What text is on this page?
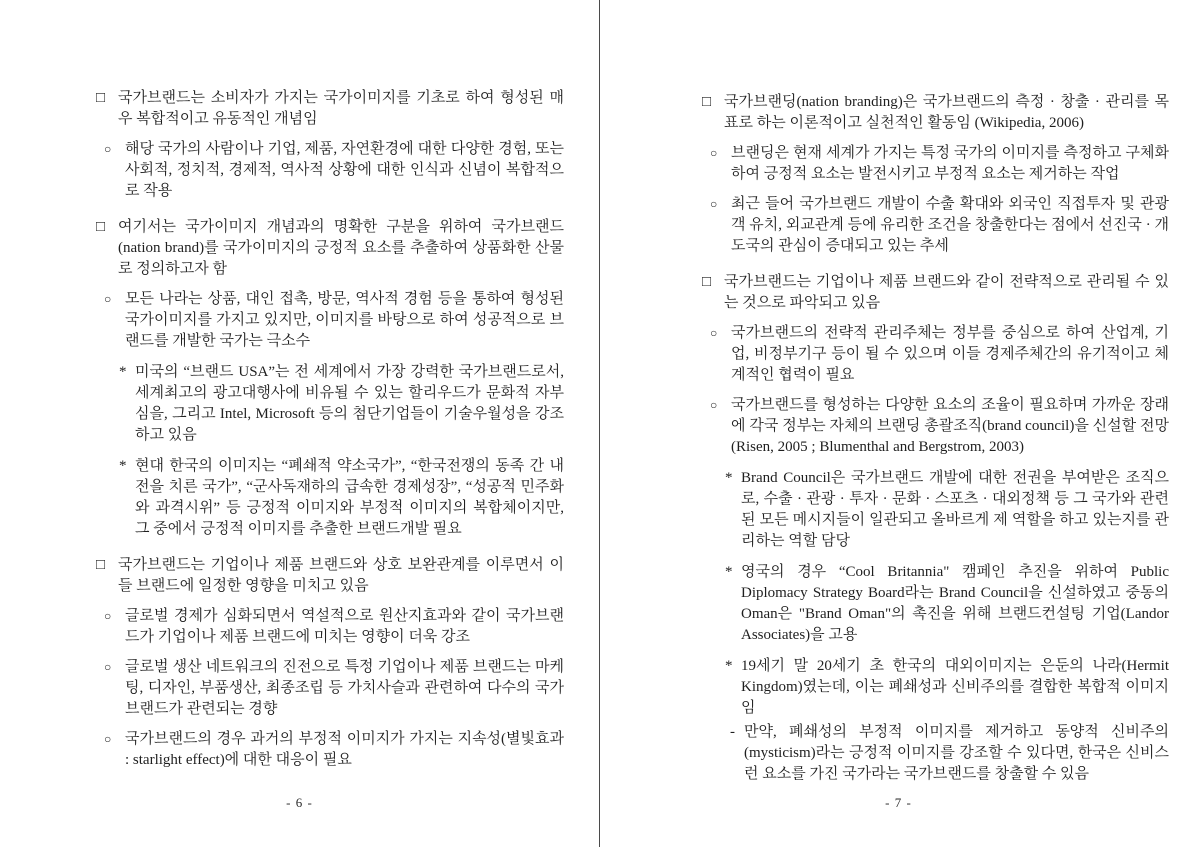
□ 국가브랜드는 소비자가 가지는 국가이미지를 기초로 하여 형성된 매우 복합적이고 유동적인 개념임
○ 해당 국가의 사람이나 기업, 제품, 자연환경에 대한 다양한 경험, 또는 사회적, 정치적, 경제적, 역사적 상황에 대한 인식과 신념이 복합적으로 작용
□ 여기서는 국가이미지 개념과의 명확한 구분을 위하여 국가브랜드(nation brand)를 국가이미지의 긍정적 요소를 추출하여 상품화한 산물로 정의하고자 함
○ 모든 나라는 상품, 대인 접촉, 방문, 역사적 경험 등을 통하여 형성된 국가이미지를 가지고 있지만, 이미지를 바탕으로 하여 성공적으로 브랜드를 개발한 국가는 극소수
* 미국의 “브랜드 USA”는 전 세계에서 가장 강력한 국가브랜드로서, 세계최고의 광고대행사에 비유될 수 있는 할리우드가 문화적 자부심을, 그리고 Intel, Microsoft 등의 첨단기업들이 기술우월성을 강조하고 있음
* 현대 한국의 이미지는 “폐쇄적 약소국가”, “한국전쟁의 동족 간 내전을 치른 국가”, “군사독재하의 급속한 경제성장”, “성공적 민주화와 과격시위” 등 긍정적 이미지와 부정적 이미지의 복합체이지만, 그 중에서 긍정적 이미지를 추출한 브랜드개발 필요
□ 국가브랜드는 기업이나 제품 브랜드와 상호 보완관계를 이루면서 이들 브랜드에 일정한 영향을 미치고 있음
○ 글로벌 경제가 심화되면서 역설적으로 원산지효과와 같이 국가브랜드가 기업이나 제품 브랜드에 미치는 영향이 더욱 강조
○ 글로벌 생산 네트워크의 진전으로 특정 기업이나 제품 브랜드는 마케팅, 디자인, 부품생산, 최종조립 등 가치사슬과 관련하여 다수의 국가브랜드가 관련되는 경향
○ 국가브랜드의 경우 과거의 부정적 이미지가 가지는 지속성(별빛효과 : starlight effect)에 대한 대응이 필요
- 6 -
□ 국가브랜딩(nation branding)은 국가브랜드의 측정 · 창출 · 관리를 목표로 하는 이론적이고 실천적인 활동임 (Wikipedia, 2006)
○ 브랜딩은 현재 세계가 가지는 특정 국가의 이미지를 측정하고 구체화하여 긍정적 요소는 발전시키고 부정적 요소는 제거하는 작업
○ 최근 들어 국가브랜드 개발이 수출 확대와 외국인 직접투자 및 관광객 유치, 외교관계 등에 유리한 조건을 창출한다는 점에서 선진국 · 개도국의 관심이 증대되고 있는 추세
□ 국가브랜드는 기업이나 제품 브랜드와 같이 전략적으로 관리될 수 있는 것으로 파악되고 있음
○ 국가브랜드의 전략적 관리주체는 정부를 중심으로 하여 산업계, 기업, 비정부기구 등이 될 수 있으며 이들 경제주체간의 유기적이고 체계적인 협력이 필요
○ 국가브랜드를 형성하는 다양한 요소의 조율이 필요하며 가까운 장래에 각국 정부는 자체의 브랜딩 총괄조직(brand council)을 신설할 전망(Risen, 2005 ; Blumenthal and Bergstrom, 2003)
* Brand Council은 국가브랜드 개발에 대한 전권을 부여받은 조직으로, 수출 · 관광 · 투자 · 문화 · 스포츠 · 대외정책 등 그 국가와 관련된 모든 메시지들이 일관되고 올바르게 제 역할을 하고 있는지를 관리하는 역할 담당
* 영국의 경우 “Cool Britannia" 캠페인 추진을 위하여 Public Diplomacy Strategy Board라는 Brand Council을 신설하였고 중동의 Oman은 "Brand Oman"의 촉진을 위해 브랜드컨설팅 기업(Landor Associates)을 고용
* 19세기 말 20세기 초 한국의 대외이미지는 은둔의 나라(Hermit Kingdom)였는데, 이는 폐쇄성과 신비주의를 결합한 복합적 이미지임
- 만약, 폐쇄성의 부정적 이미지를 제거하고 동양적 신비주의(mysticism)라는 긍정적 이미지를 강조할 수 있다면, 한국은 신비스런 요소를 가진 국가라는 국가브랜드를 창출할 수 있음
- 7 -
